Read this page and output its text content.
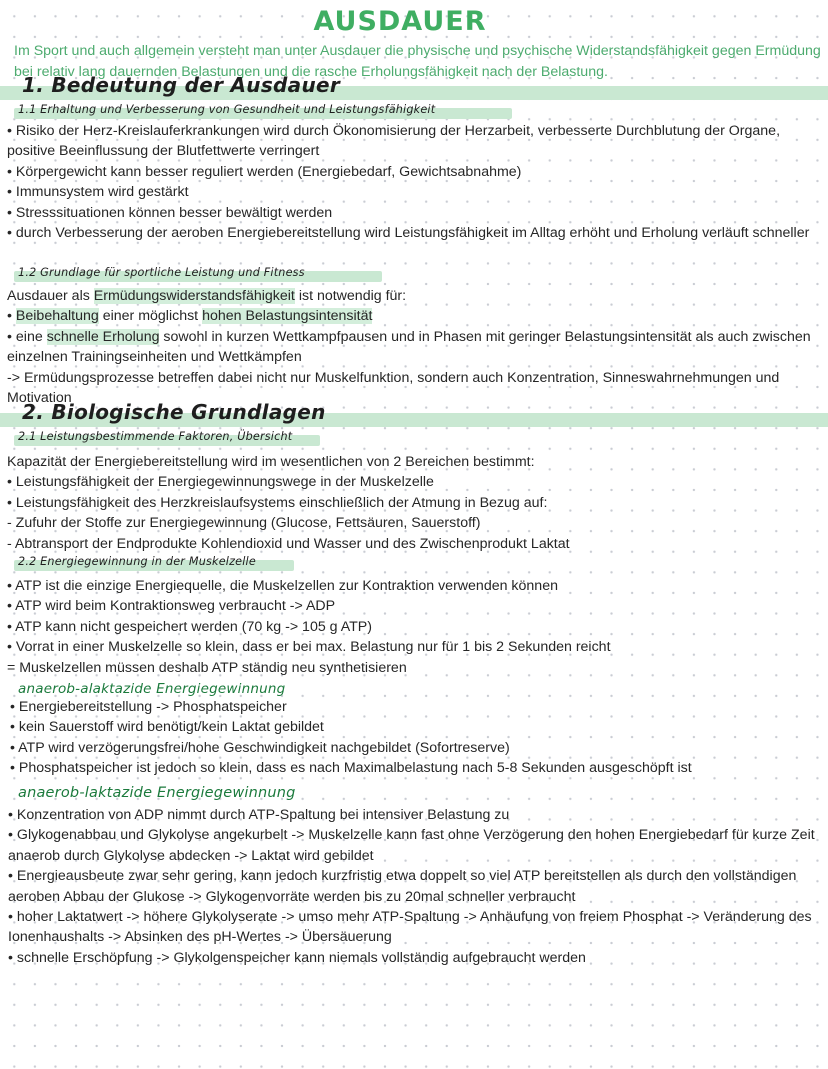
AUSDAUER
Im Sport und auch allgemein versteht man unter Ausdauer die physische und psychische Widerstandsfähigkeit gegen Ermüdung bei relativ lang dauernden Belastungen und die rasche Erholungsfähigkeit nach der Belastung.
1. Bedeutung der Ausdauer
1.1 Erhaltung und Verbesserung von Gesundheit und Leistungsfähigkeit

• Risiko der Herz-Kreislauferkrankungen wird durch Ökonomisierung der Herzarbeit, verbesserte Durchblutung der Organe, positive Beeinflussung der Blutfettwerte verringert

• Körpergewicht kann besser reguliert werden (Energiebedarf, Gewichtsabnahme)

• Immunsystem wird gestärkt

• Stresssituationen können besser bewältigt werden

• durch Verbesserung der aeroben Energiebereitstellung wird Leistungsfähigkeit im Alltag erhöht und Erholung verläuft schneller

1.2 Grundlage für sportliche Leistung und Fitness

Ausdauer als Ermüdungswiderstandsfähigkeit ist notwendig für:

• Beibehaltung einer möglichst hohen Belastungsintensität

• eine schnelle Erholung sowohl in kurzen Wettkampfpausen und in Phasen mit geringer Belastungsintensität als auch zwischen einzelnen Trainingseinheiten und Wettkämpfen

-> Ermüdungsprozesse betreffen dabei nicht nur Muskelfunktion, sondern auch Konzentration, Sinneswahrnehmungen und Motivation

2. Biologische Grundlagen
2.1 Leistungsbestimmende Faktoren, Übersicht

Kapazität der Energiebereitstellung wird im wesentlichen von 2 Bereichen bestimmt:

• Leistungsfähigkeit der Energiegewinnungswege in der Muskelzelle

• Leistungsfähigkeit des Herzkreislaufsystems einschließlich der Atmung in Bezug auf:

- Zufuhr der Stoffe zur Energiegewinnung (Glucose, Fettsäuren, Sauerstoff)

- Abtransport der Endprodukte Kohlendioxid und Wasser und des Zwischenprodukt Laktat

2.2 Energiegewinnung in der Muskelzelle

• ATP ist die einzige Energiequelle, die Muskelzellen zur Kontraktion verwenden können

• ATP wird beim Kontraktionsweg verbraucht -> ADP

• ATP kann nicht gespeichert werden (70 kg -> 105 g ATP)

• Vorrat in einer Muskelzelle so klein, dass er bei max. Belastung nur für 1 bis 2 Sekunden reicht

= Muskelzellen müssen deshalb ATP ständig neu synthetisieren

anaerob-alaktazide Energiegewinnung

• Energiebereitstellung -> Phosphatspeicher

• kein Sauerstoff wird benötigt/kein Laktat gebildet

• ATP wird verzögerungsfrei/hohe Geschwindigkeit nachgebildet (Sofortreserve)

• Phosphatspeicher ist jedoch so klein, dass es nach Maximalbelastung nach 5-8 Sekunden ausgeschöpft ist

anaerob-laktazide Energiegewinnung

• Konzentration von ADP nimmt durch ATP-Spaltung bei intensiver Belastung zu

• Glykogenabbau und Glykolyse angekurbelt -> Muskelzelle kann fast ohne Verzögerung den hohen Energiebedarf für kurze Zeit anaerob durch Glykolyse abdecken -> Laktat wird gebildet

• Energieausbeute zwar sehr gering, kann jedoch kurzfristig etwa doppelt so viel ATP bereitstellen als durch den vollständigen aeroben Abbau der Glukose -> Glykogenvorräte werden bis zu 20mal schneller verbraucht

• hoher Laktatwert -> höhere Glykolyserate -> umso mehr ATP-Spaltung -> Anhäufung von freiem Phosphat -> Veränderung des Ionenhaushalts -> Absinken des pH-Wertes -> Übersäuerung

• schnelle Erschöpfung -> Glykolgenspeicher kann niemals vollständig aufgebraucht werden
